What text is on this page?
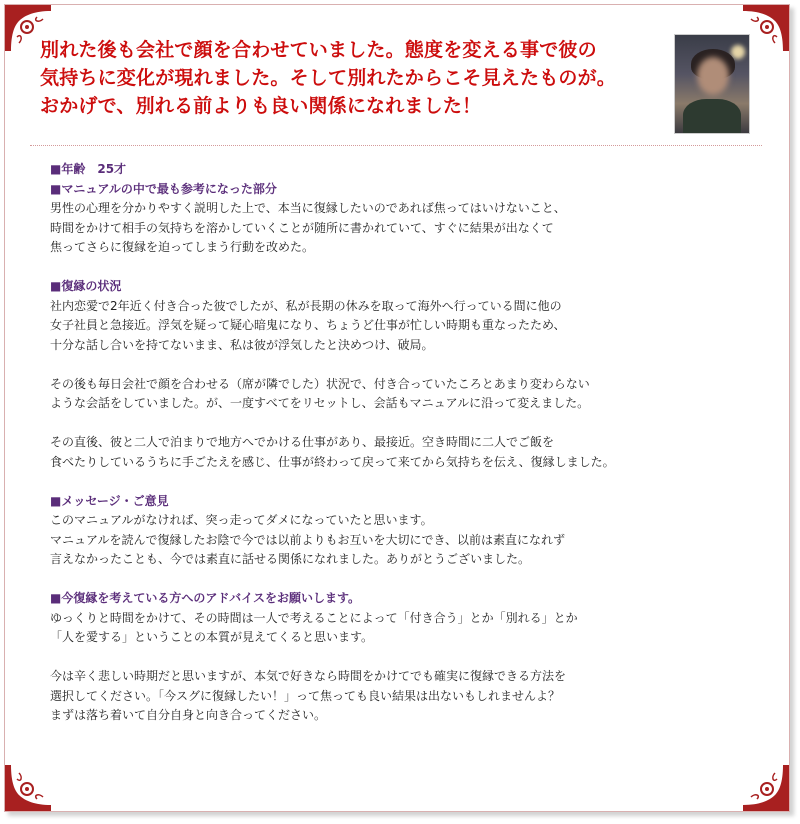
別れた後も会社で顔を合わせていました。態度を変える事で彼の
気持ちに変化が現れました。そして別れたからこそ見えたものが。
おかげで、別れる前よりも良い関係になれました！
■年齢　25才
■マニュアルの中で最も参考になった部分
男性の心理を分かりやすく説明した上で、本当に復縁したいのであれば焦ってはいけないこと、
時間をかけて相手の気持ちを溶かしていくことが随所に書かれていて、すぐに結果が出なくて
焦ってさらに復縁を迫ってしまう行動を改めた。
■復縁の状況
社内恋愛で2年近く付き合った彼でしたが、私が長期の休みを取って海外へ行っている間に他の
女子社員と急接近。浮気を疑って疑心暗鬼になり、ちょうど仕事が忙しい時期も重なったため、
十分な話し合いを持てないまま、私は彼が浮気したと決めつけ、破局。
その後も毎日会社で顔を合わせる（席が隣でした）状況で、付き合っていたころとあまり変わらない
ような会話をしていました。が、一度すべてをリセットし、会話もマニュアルに沿って変えました。
その直後、彼と二人で泊まりで地方へでかける仕事があり、最接近。空き時間に二人でご飯を
食べたりしているうちに手ごたえを感じ、仕事が終わって戻って来てから気持ちを伝え、復縁しました。
■メッセージ・ご意見
このマニュアルがなければ、突っ走ってダメになっていたと思います。
マニュアルを読んで復縁したお陰で今では以前よりもお互いを大切にでき、以前は素直になれず
言えなかったことも、今では素直に話せる関係になれました。ありがとうございました。
■今復縁を考えている方へのアドバイスをお願いします。
ゆっくりと時間をかけて、その時間は一人で考えることによって「付き合う」とか「別れる」とか
「人を愛する」ということの本質が見えてくると思います。
今は辛く悲しい時期だと思いますが、本気で好きなら時間をかけてでも確実に復縁できる方法を
選択してください。「今スグに復縁したい！」って焦っても良い結果は出ないもしれませんよ？
まずは落ち着いて自分自身と向き合ってください。
